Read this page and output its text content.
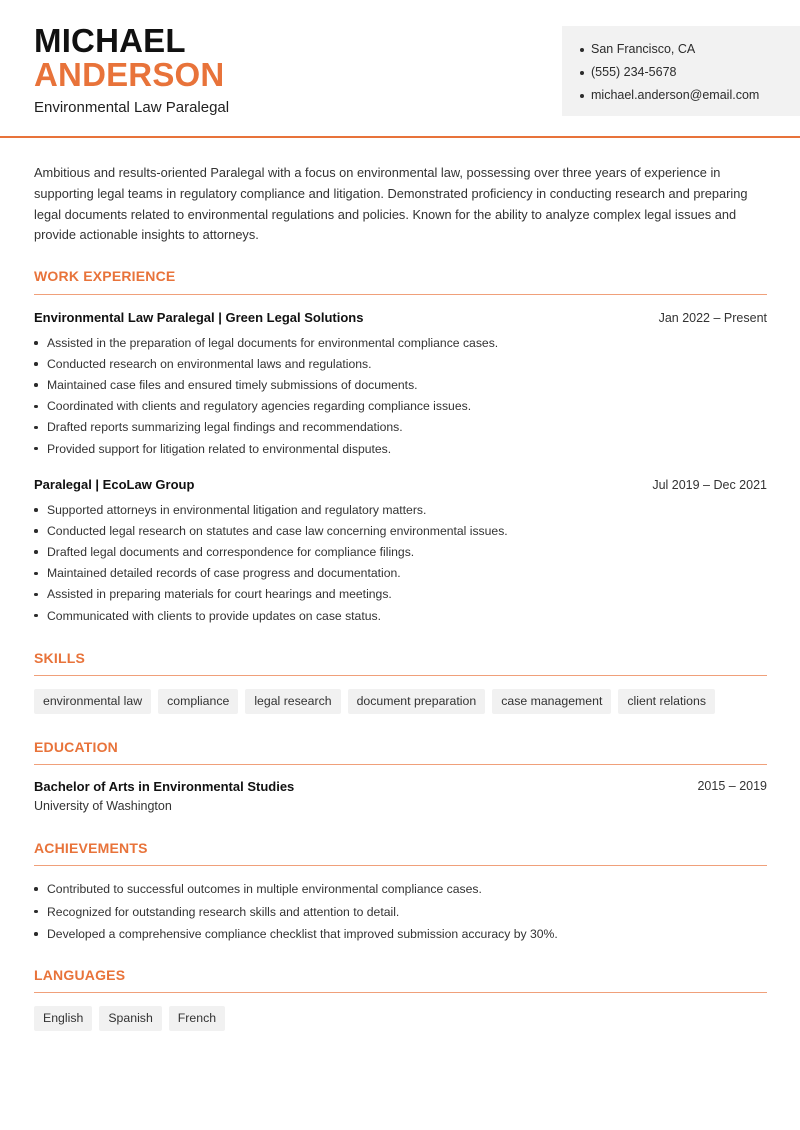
MICHAEL
ANDERSON

Environmental Law Paralegal

San Francisco, CA
(555) 234-5678
michael.anderson@email.com

Ambitious and results-oriented Paralegal with a focus on environmental law, possessing over three years of experience in supporting legal teams in regulatory compliance and litigation. Demonstrated proficiency in conducting research and preparing legal documents related to environmental regulations and policies. Known for the ability to analyze complex legal issues and provide actionable insights to attorneys.

WORK EXPERIENCE
Environmental Law Paralegal | Green Legal Solutions	Jan 2022 – Present
Assisted in the preparation of legal documents for environmental compliance cases.
Conducted research on environmental laws and regulations.
Maintained case files and ensured timely submissions of documents.
Coordinated with clients and regulatory agencies regarding compliance issues.
Drafted reports summarizing legal findings and recommendations.
Provided support for litigation related to environmental disputes.
Paralegal | EcoLaw Group	Jul 2019 – Dec 2021
Supported attorneys in environmental litigation and regulatory matters.
Conducted legal research on statutes and case law concerning environmental issues.
Drafted legal documents and correspondence for compliance filings.
Maintained detailed records of case progress and documentation.
Assisted in preparing materials for court hearings and meetings.
Communicated with clients to provide updates on case status.
SKILLS
environmental law	compliance	legal research	document preparation	case management	client relations
EDUCATION
Bachelor of Arts in Environmental Studies	2015 – 2019
University of Washington
ACHIEVEMENTS
Contributed to successful outcomes in multiple environmental compliance cases.
Recognized for outstanding research skills and attention to detail.
Developed a comprehensive compliance checklist that improved submission accuracy by 30%.
LANGUAGES
English	Spanish	French
